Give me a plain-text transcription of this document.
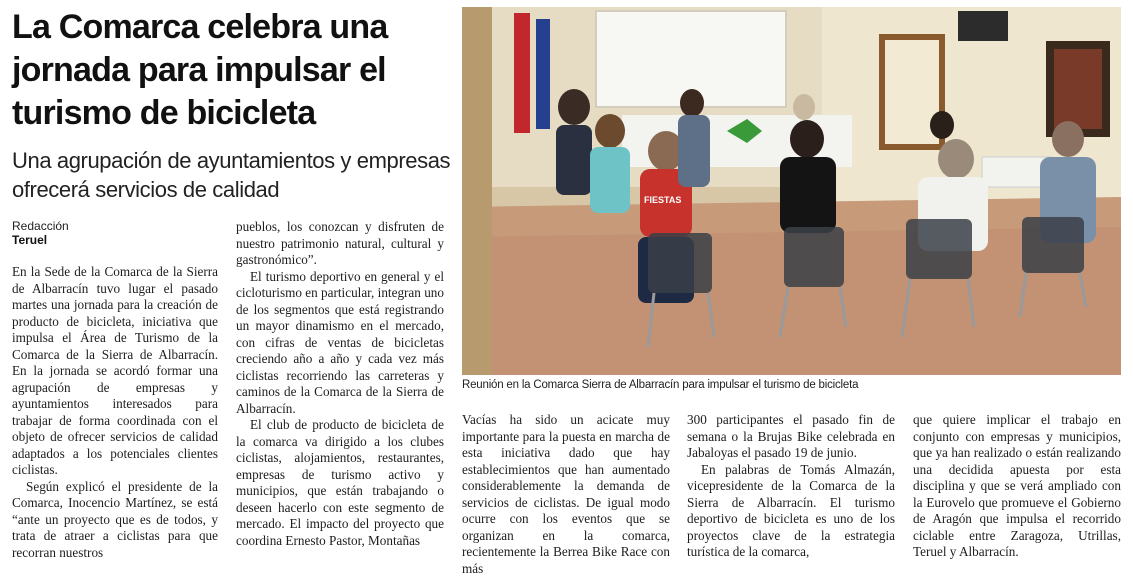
La Comarca celebra una jornada para impulsar el turismo de bicicleta
Una agrupación de ayuntamientos y empresas ofrecerá servicios de calidad
Redacción
Teruel

En la Sede de la Comarca de la Sierra de Albarracín tuvo lugar el pasado martes una jornada para la creación de producto de bicicleta, iniciativa que impulsa el Área de Turismo de la Comarca de la Sierra de Albarracín. En la jornada se acordó formar una agrupación de empresas y ayuntamientos interesados para trabajar de forma coordinada con el objeto de ofrecer servicios de calidad adaptados a los potenciales clientes ciclistas.

Según explicó el presidente de la Comarca, Inocencio Martínez, se está “ante un proyecto que es de todos, y trata de atraer a ciclistas para que recorran nuestros

pueblos, los conozcan y disfruten de nuestro patrimonio natural, cultural y gastronómico”.

El turismo deportivo en general y el cicloturismo en particular, integran uno de los segmentos que está registrando un mayor dinamismo en el mercado, con cifras de ventas de bicicletas creciendo año a año y cada vez más ciclistas recorriendo las carreteras y caminos de la Comarca de la Sierra de Albarracín.

El club de producto de bicicleta de la comarca va dirigido a los clubes ciclistas, alojamientos, restaurantes, empresas de turismo activo y municipios, que están trabajando o deseen hacerlo con este segmento de mercado. El impacto del proyecto que coordina Ernesto Pastor, Montañas

Vacías ha sido un acicate muy importante para la puesta en marcha de esta iniciativa dado que hay establecimientos que han aumentado considerablemente la demanda de servicios de ciclistas. De igual modo ocurre con los eventos que se organizan en la comarca, recientemente la Berrea Bike Race con más

300 participantes el pasado fin de semana o la Brujas Bike celebrada en Jabaloyas el pasado 19 de junio.

En palabras de Tomás Almazán, vicepresidente de la Comarca de la Sierra de Albarracín. El turismo deportivo de bicicleta es uno de los proyectos clave de la estrategia turística de la comarca,

que quiere implicar el trabajo en conjunto con empresas y municipios, que ya han realizado o están realizando una decidida apuesta por esta disciplina y que se verá ampliado con la Eurovelo que promueve el Gobierno de Aragón que impulsa el recorrido ciclable entre Zaragoza, Utrillas, Teruel y Albarracín.

FIESTAS
Reunión en la Comarca Sierra de Albarracín para impulsar el turismo de bicicleta
